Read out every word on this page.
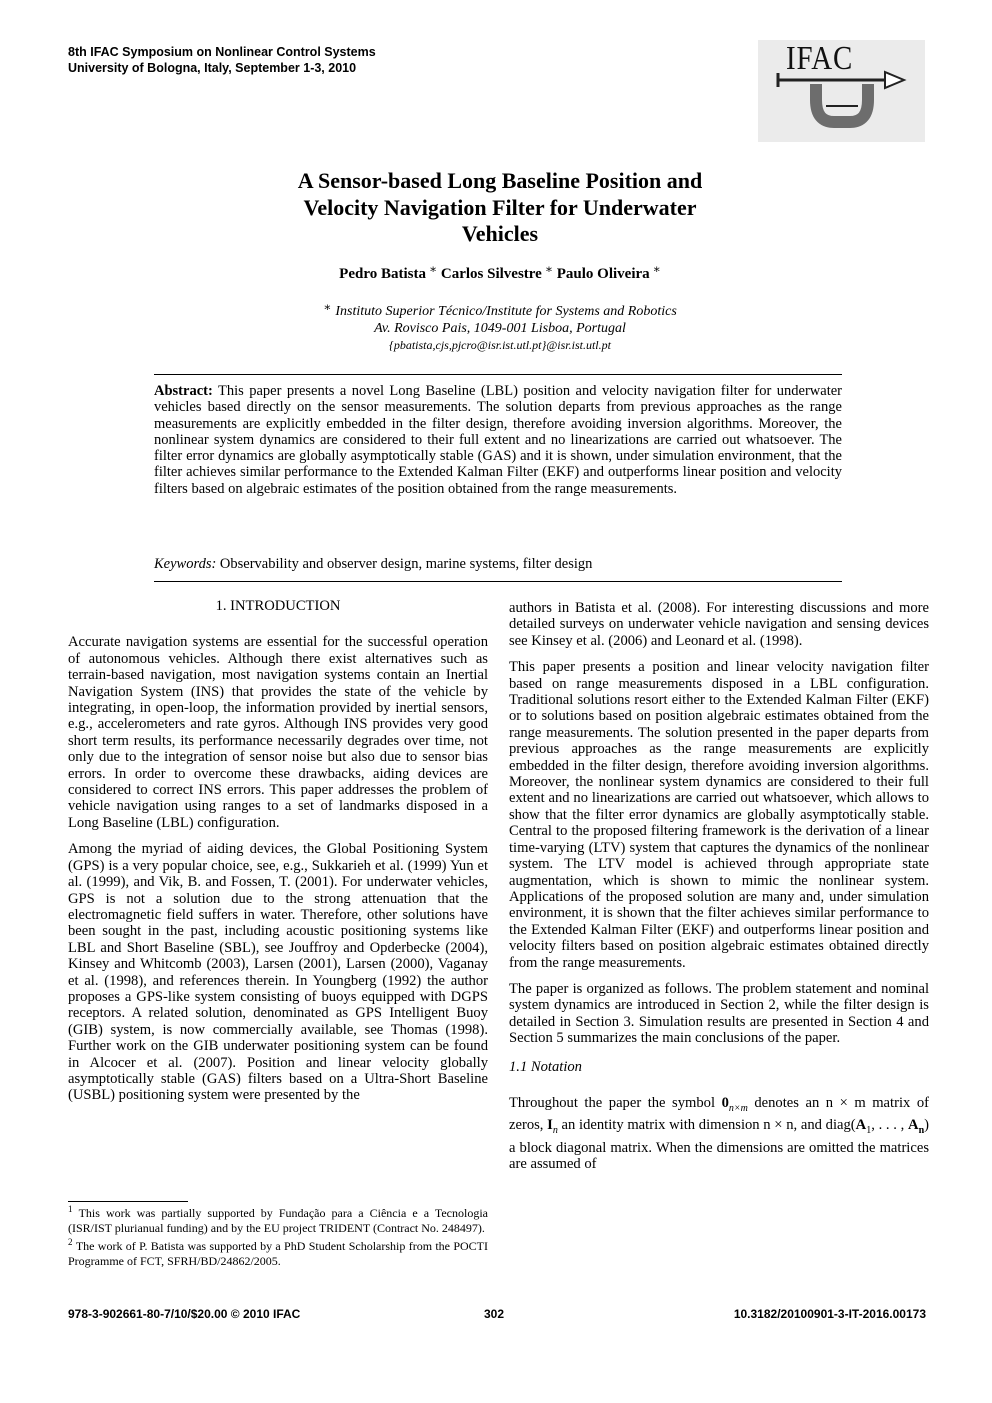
8th IFAC Symposium on Nonlinear Control Systems
University of Bologna, Italy, September 1-3, 2010	IFAC
A Sensor-based Long Baseline Position and
Velocity Navigation Filter for Underwater
Vehicles
Pedro Batista ∗ Carlos Silvestre ∗ Paulo Oliveira ∗
∗ Instituto Superior Técnico/Institute for Systems and Robotics
Av. Rovisco Pais, 1049-001 Lisboa, Portugal
{pbatista,cjs,pjcro@isr.ist.utl.pt}@isr.ist.utl.pt
Abstract: This paper presents a novel Long Baseline (LBL) position and velocity navigation filter for underwater vehicles based directly on the sensor measurements. The solution departs from previous approaches as the range measurements are explicitly embedded in the filter design, therefore avoiding inversion algorithms. Moreover, the nonlinear system dynamics are considered to their full extent and no linearizations are carried out whatsoever. The filter error dynamics are globally asymptotically stable (GAS) and it is shown, under simulation environment, that the filter achieves similar performance to the Extended Kalman Filter (EKF) and outperforms linear position and velocity filters based on algebraic estimates of the position obtained from the range measurements.
Keywords: Observability and observer design, marine systems, filter design
1. INTRODUCTION

Accurate navigation systems are essential for the successful operation of autonomous vehicles. Although there exist alternatives such as terrain-based navigation, most navigation systems contain an Inertial Navigation System (INS) that provides the state of the vehicle by integrating, in open-loop, the information provided by inertial sensors, e.g., accelerometers and rate gyros. Although INS provides very good short term results, its performance necessarily degrades over time, not only due to the integration of sensor noise but also due to sensor bias errors. In order to overcome these drawbacks, aiding devices are considered to correct INS errors. This paper addresses the problem of vehicle navigation using ranges to a set of landmarks disposed in a Long Baseline (LBL) configuration.

Among the myriad of aiding devices, the Global Positioning System (GPS) is a very popular choice, see, e.g., Sukkarieh et al. (1999) Yun et al. (1999), and Vik, B. and Fossen, T. (2001). For underwater vehicles, GPS is not a solution due to the strong attenuation that the electromagnetic field suffers in water. Therefore, other solutions have been sought in the past, including acoustic positioning systems like LBL and Short Baseline (SBL), see Jouffroy and Opderbecke (2004), Kinsey and Whitcomb (2003), Larsen (2001), Larsen (2000), Vaganay et al. (1998), and references therein. In Youngberg (1992) the author proposes a GPS-like system consisting of buoys equipped with DGPS receptors. A related solution, denominated as GPS Intelligent Buoy (GIB) system, is now commercially available, see Thomas (1998). Further work on the GIB underwater positioning system can be found in Alcocer et al. (2007). Position and linear velocity globally asymptotically stable (GAS) filters based on a Ultra-Short Baseline (USBL) positioning system were presented by the

authors in Batista et al. (2008). For interesting discussions and more detailed surveys on underwater vehicle navigation and sensing devices see Kinsey et al. (2006) and Leonard et al. (1998).

This paper presents a position and linear velocity navigation filter based on range measurements disposed in a LBL configuration. Traditional solutions resort either to the Extended Kalman Filter (EKF) or to solutions based on position algebraic estimates obtained from the range measurements. The solution presented in the paper departs from previous approaches as the range measurements are explicitly embedded in the filter design, therefore avoiding inversion algorithms. Moreover, the nonlinear system dynamics are considered to their full extent and no linearizations are carried out whatsoever, which allows to show that the filter error dynamics are globally asymptotically stable. Central to the proposed filtering framework is the derivation of a linear time-varying (LTV) system that captures the dynamics of the nonlinear system. The LTV model is achieved through appropriate state augmentation, which is shown to mimic the nonlinear system. Applications of the proposed solution are many and, under simulation environment, it is shown that the filter achieves similar performance to the Extended Kalman Filter (EKF) and outperforms linear position and velocity filters based on position algebraic estimates obtained directly from the range measurements.

The paper is organized as follows. The problem statement and nominal system dynamics are introduced in Section 2, while the filter design is detailed in Section 3. Simulation results are presented in Section 4 and Section 5 summarizes the main conclusions of the paper.

1.1 Notation

Throughout the paper the symbol $0_{n\times m}$ denotes an n × m matrix of zeros, $I_n$ an identity matrix with dimension n × n, and $diag(A_1$, . . . , $A_n$) a block diagonal matrix. When the dimensions are omitted the matrices are assumed of

$^1$ This work was partially supported by Fundação para a Ciência e a Tecnologia (ISR/IST plurianual funding) and by the EU project TRIDENT (Contract No. 248497).

$^2$ The work of P. Batista was supported by a PhD Student Scholarship from the POCTI Programme of FCT, SFRH/BD/24862/2005.

978-3-902661-80-7/10/$20.00 © 2010 IFAC	302	10.3182/20100901-3-IT-2016.00173
